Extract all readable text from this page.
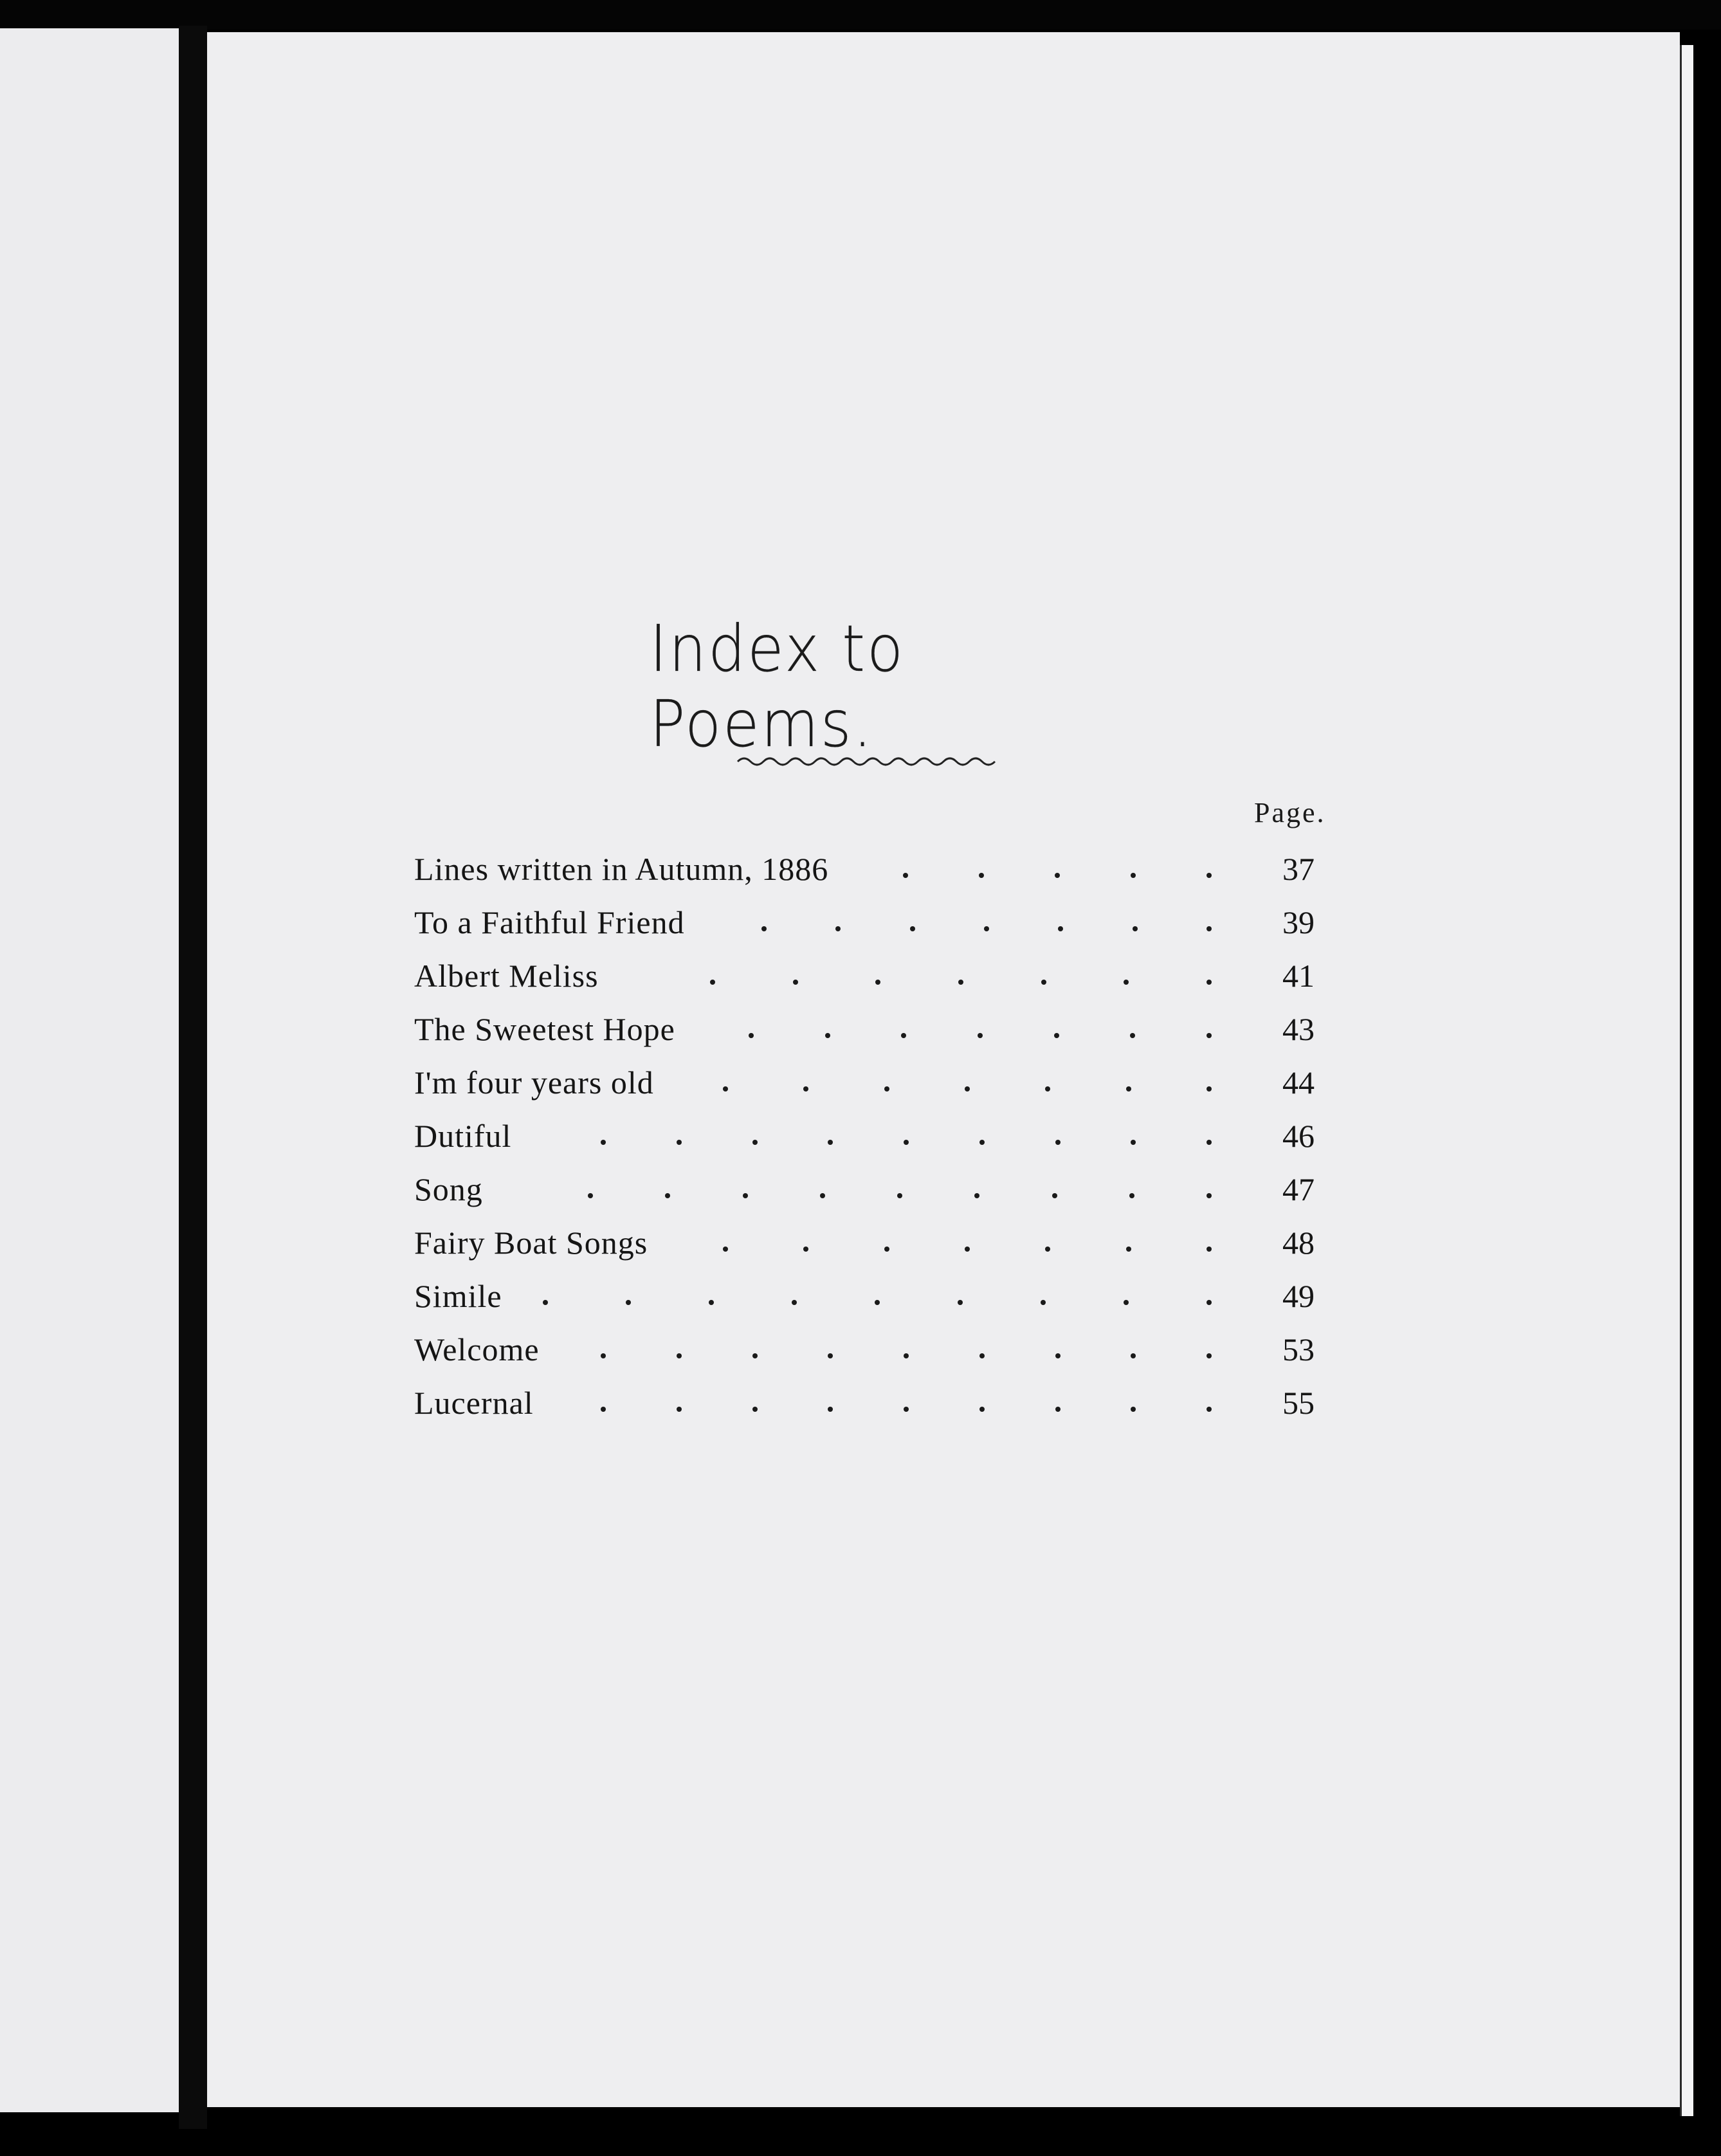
Index to Poems.
Page.
Lines written in Autumn, 1886	37
To a Faithful Friend	39
Albert Meliss	41
The Sweetest Hope	43
I'm four years old	44
Dutiful	46
Song	47
Fairy Boat Songs	48
Simile	49
Welcome	53
Lucernal	55
